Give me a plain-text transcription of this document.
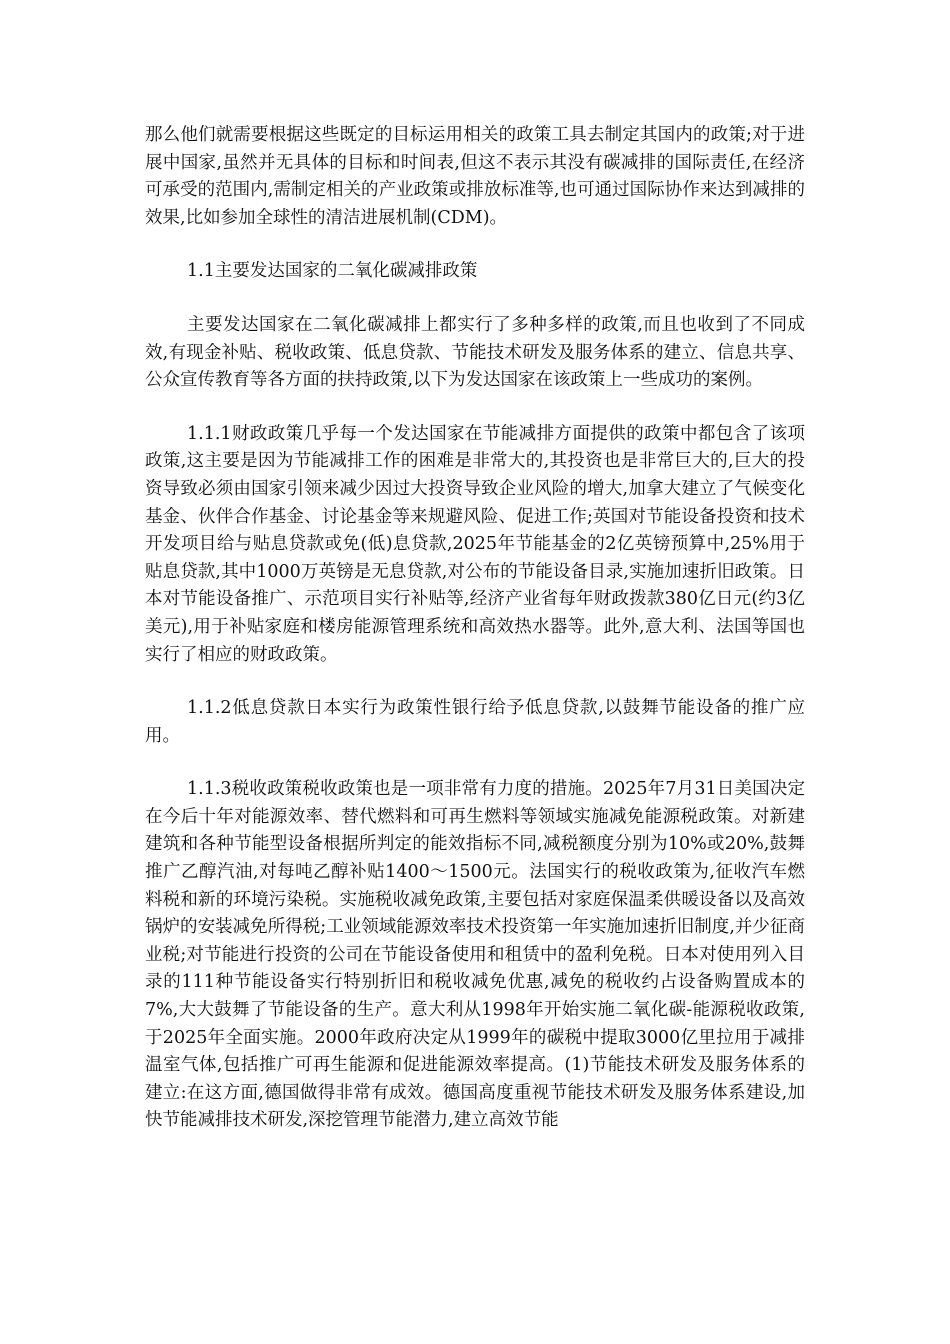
那么他们就需要根据这些既定的目标运用相关的政策工具去制定其国内的政策;对于进展中国家,虽然并无具体的目标和时间表,但这不表示其没有碳减排的国际责任,在经济可承受的范围内,需制定相关的产业政策或排放标准等,也可通过国际协作来达到减排的效果,比如参加全球性的清洁进展机制(CDM)。

1.1主要发达国家的二氧化碳减排政策

主要发达国家在二氧化碳减排上都实行了多种多样的政策,而且也收到了不同成效,有现金补贴、税收政策、低息贷款、节能技术研发及服务体系的建立、信息共享、公众宣传教育等各方面的扶持政策,以下为发达国家在该政策上一些成功的案例。

1.1.1财政政策几乎每一个发达国家在节能减排方面提供的政策中都包含了该项政策,这主要是因为节能减排工作的困难是非常大的,其投资也是非常巨大的,巨大的投资导致必须由国家引领来减少因过大投资导致企业风险的增大,加拿大建立了气候变化基金、伙伴合作基金、讨论基金等来规避风险、促进工作;英国对节能设备投资和技术开发项目给与贴息贷款或免(低)息贷款,2025年节能基金的2亿英镑预算中,25%用于贴息贷款,其中1000万英镑是无息贷款,对公布的节能设备目录,实施加速折旧政策。日本对节能设备推广、示范项目实行补贴等,经济产业省每年财政拨款380亿日元(约3亿美元),用于补贴家庭和楼房能源管理系统和高效热水器等。此外,意大利、法国等国也实行了相应的财政政策。

1.1.2低息贷款日本实行为政策性银行给予低息贷款,以鼓舞节能设备的推广应用。

1.1.3税收政策税收政策也是一项非常有力度的措施。2025年7月31日美国决定在今后十年对能源效率、替代燃料和可再生燃料等领域实施减免能源税政策。对新建建筑和各种节能型设备根据所判定的能效指标不同,减税额度分别为10%或20%,鼓舞推广乙醇汽油,对每吨乙醇补贴1400～1500元。法国实行的税收政策为,征收汽车燃料税和新的环境污染税。实施税收减免政策,主要包括对家庭保温柔供暖设备以及高效锅炉的安装减免所得税;工业领域能源效率技术投资第一年实施加速折旧制度,并少征商业税;对节能进行投资的公司在节能设备使用和租赁中的盈利免税。日本对使用列入目录的111种节能设备实行特别折旧和税收减免优惠,减免的税收约占设备购置成本的7%,大大鼓舞了节能设备的生产。意大利从1998年开始实施二氧化碳-能源税收政策,于2025年全面实施。2000年政府决定从1999年的碳税中提取3000亿里拉用于减排温室气体,包括推广可再生能源和促进能源效率提高。(1)节能技术研发及服务体系的建立:在这方面,德国做得非常有成效。德国高度重视节能技术研发及服务体系建设,加快节能减排技术研发,深挖管理节能潜力,建立高效节能
